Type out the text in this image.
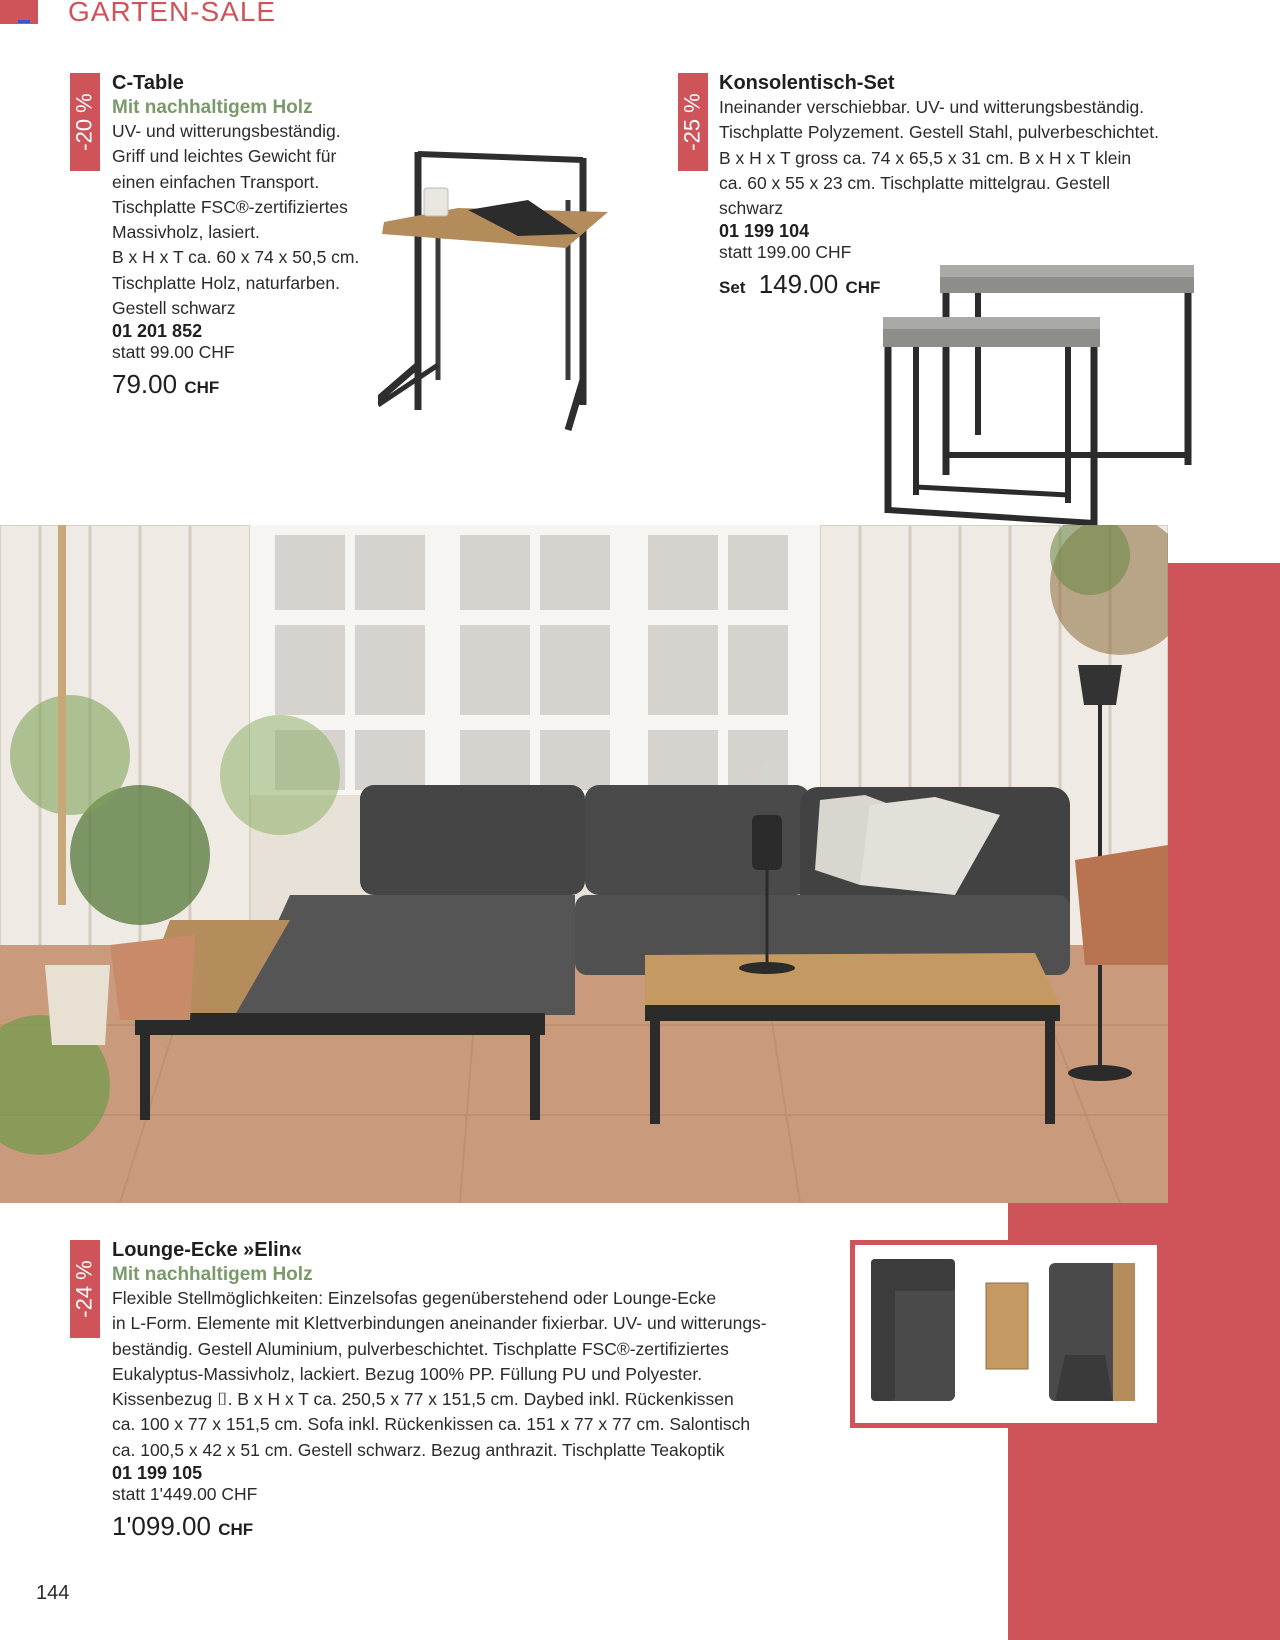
GARTEN-SALE
-20 %
C-Table
Mit nachhaltigem Holz
UV- und witterungsbeständig.
Griff und leichtes Gewicht für
einen einfachen Transport.
Tischplatte FSC®-zertifiziertes
Massivholz, lasiert.
B x H x T ca. 60 x 74 x 50,5 cm.
Tischplatte Holz, naturfarben.
Gestell schwarz
01 201 852
statt 99.00 CHF
79.00 CHF
-25 %
Konsolentisch-Set
Ineinander verschiebbar. UV- und witterungsbeständig.
Tischplatte Polyzement. Gestell Stahl, pulverbeschichtet.
B x H x T gross ca. 74 x 65,5 x 31 cm. B x H x T klein
ca. 60 x 55 x 23 cm. Tischplatte mittelgrau. Gestell
schwarz
01 199 104
statt 199.00 CHF
Set 149.00 CHF
-24 %
Lounge-Ecke »Elin«
Mit nachhaltigem Holz
Flexible Stellmöglichkeiten: Einzelsofas gegenüberstehend oder Lounge-Ecke
in L-Form. Elemente mit Klettverbindungen aneinander fixierbar. UV- und witterungs-
beständig. Gestell Aluminium, pulverbeschichtet. Tischplatte FSC®-zertifiziertes
Eukalyptus-Massivholz, lackiert. Bezug 100% PP. Füllung PU und Polyester.
Kissenbezug ⌷. B x H x T ca. 250,5 x 77 x 151,5 cm. Daybed inkl. Rückenkissen
ca. 100 x 77 x 151,5 cm. Sofa inkl. Rückenkissen ca. 151 x 77 x 77 cm. Salontisch
ca. 100,5 x 42 x 51 cm. Gestell schwarz. Bezug anthrazit. Tischplatte Teakoptik
01 199 105
statt 1'449.00 CHF
1'099.00 CHF
144
